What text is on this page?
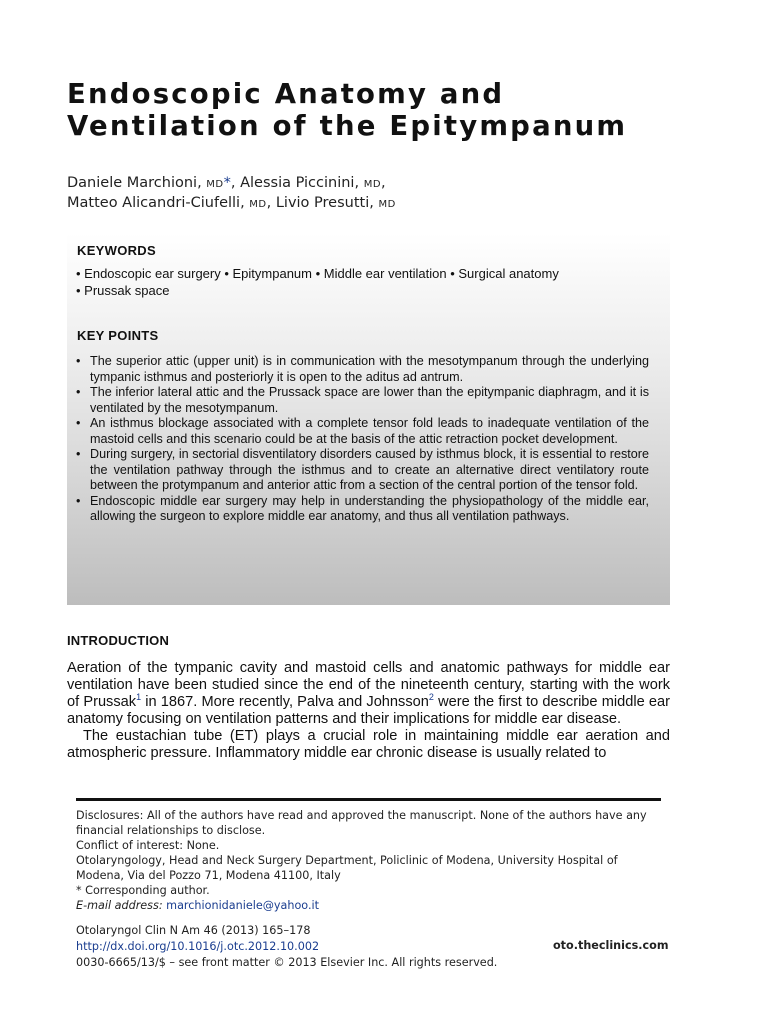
Endoscopic Anatomy and
Ventilation of the Epitympanum
Daniele Marchioni, MD*, Alessia Piccinini, MD,
Matteo Alicandri-Ciufelli, MD, Livio Presutti, MD
KEYWORDS
• Endoscopic ear surgery • Epitympanum • Middle ear ventilation • Surgical anatomy
• Prussak space
KEY POINTS
• The superior attic (upper unit) is in communication with the mesotympanum through the underlying tympanic isthmus and posteriorly it is open to the aditus ad antrum.
• The inferior lateral attic and the Prussack space are lower than the epitympanic diaphragm, and it is ventilated by the mesotympanum.
• An isthmus blockage associated with a complete tensor fold leads to inadequate ventilation of the mastoid cells and this scenario could be at the basis of the attic retraction pocket development.
• During surgery, in sectorial disventilatory disorders caused by isthmus block, it is essential to restore the ventilation pathway through the isthmus and to create an alternative direct ventilatory route between the protympanum and anterior attic from a section of the central portion of the tensor fold.
• Endoscopic middle ear surgery may help in understanding the physiopathology of the middle ear, allowing the surgeon to explore middle ear anatomy, and thus all ventilation pathways.
INTRODUCTION

Aeration of the tympanic cavity and mastoid cells and anatomic pathways for middle ear ventilation have been studied since the end of the nineteenth century, starting with the work of Prussak$^1$ in 1867. More recently, Palva and Johnsson$^2$ were the first to describe middle ear anatomy focusing on ventilation patterns and their implications for middle ear disease.

The eustachian tube (ET) plays a crucial role in maintaining middle ear aeration and atmospheric pressure. Inflammatory middle ear chronic disease is usually related to

Disclosures: All of the authors have read and approved the manuscript. None of the authors have any financial relationships to disclose.
Conflict of interest: None.
Otolaryngology, Head and Neck Surgery Department, Policlinic of Modena, University Hospital of Modena, Via del Pozzo 71, Modena 41100, Italy
* Corresponding author.
E-mail address: marchionidaniele@yahoo.it
Otolaryngol Clin N Am 46 (2013) 165–178
http://dx.doi.org/10.1016/j.otc.2012.10.002
0030-6665/13/$ – see front matter © 2013 Elsevier Inc. All rights reserved.
oto.theclinics.com
